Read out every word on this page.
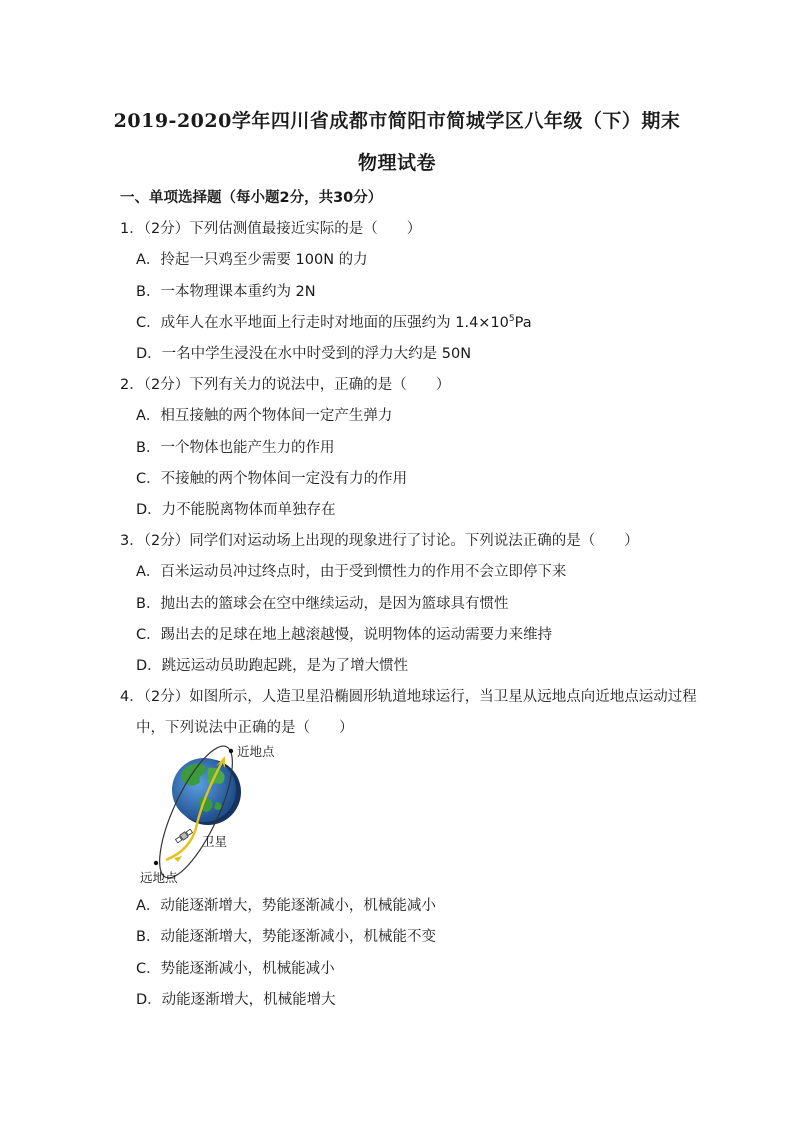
2019-2020学年四川省成都市简阳市简城学区八年级（下）期末
物理试卷
一、单项选择题（每小题2分，共30分）
1．（2分）下列估测值最接近实际的是（　　）
A．拎起一只鸡至少需要 100N 的力
B．一本物理课本重约为 2N
C．成年人在水平地面上行走时对地面的压强约为 $1.4\times 10^5Pa$
D．一名中学生浸没在水中时受到的浮力大约是 50N
2．（2分）下列有关力的说法中，正确的是（　　）
A．相互接触的两个物体间一定产生弹力
B．一个物体也能产生力的作用
C．不接触的两个物体间一定没有力的作用
D．力不能脱离物体而单独存在
3．（2分）同学们对运动场上出现的现象进行了讨论。下列说法正确的是（　　）
A．百米运动员冲过终点时，由于受到惯性力的作用不会立即停下来
B．抛出去的篮球会在空中继续运动，是因为篮球具有惯性
C．踢出去的足球在地上越滚越慢，说明物体的运动需要力来维持
D．跳远运动员助跑起跳，是为了增大惯性
4．（2分）如图所示，人造卫星沿椭圆形轨道地球运行，当卫星从远地点向近地点运动过程
中，下列说法中正确的是（　　）
近地点
远地点
卫星
A．动能逐渐增大，势能逐渐减小，机械能减小
B．动能逐渐增大，势能逐渐减小，机械能不变
C．势能逐渐减小，机械能减小
D．动能逐渐增大，机械能增大
